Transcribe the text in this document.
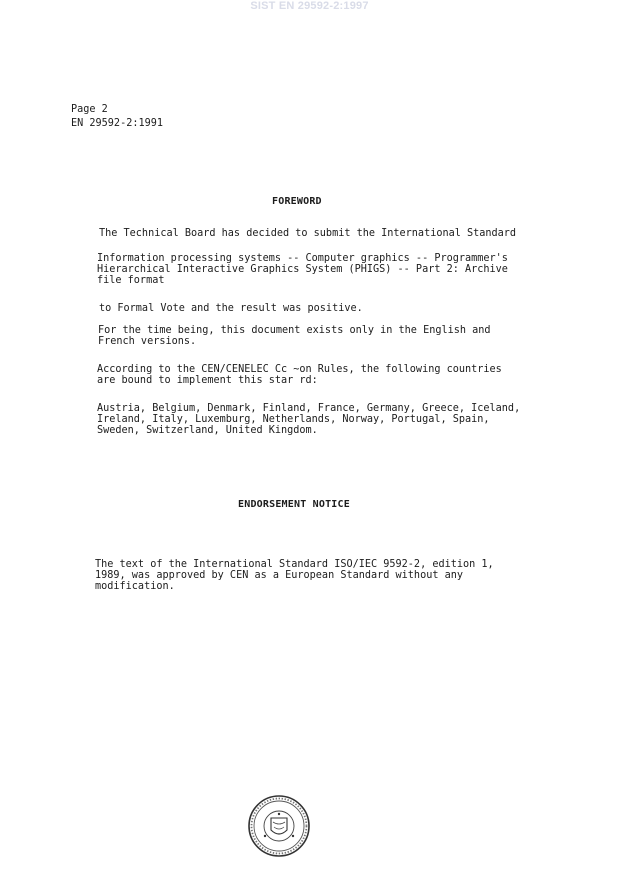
SIST EN 29592-2:1997
Page 2
EN 29592-2:1991
FOREWORD
The Technical Board has decided to submit the International Standard
Information processing systems -- Computer graphics -- Programmer's
Hierarchical Interactive Graphics System (PHIGS) -- Part 2: Archive
file format
to Formal Vote and the result was positive.
For the time being, this document exists only in the English and
French versions.
According to the CEN/CENELEC Cc ~on Rules, the following countries
are bound to implement this star rd:
Austria, Belgium, Denmark, Finland, France, Germany, Greece, Iceland,
Ireland, Italy, Luxemburg, Netherlands, Norway, Portugal, Spain,
Sweden, Switzerland, United Kingdom.
ENDORSEMENT NOTICE
The text of the International Standard ISO/IEC 9592-2, edition 1,
1989, was approved by CEN as a European Standard without any
modification.
